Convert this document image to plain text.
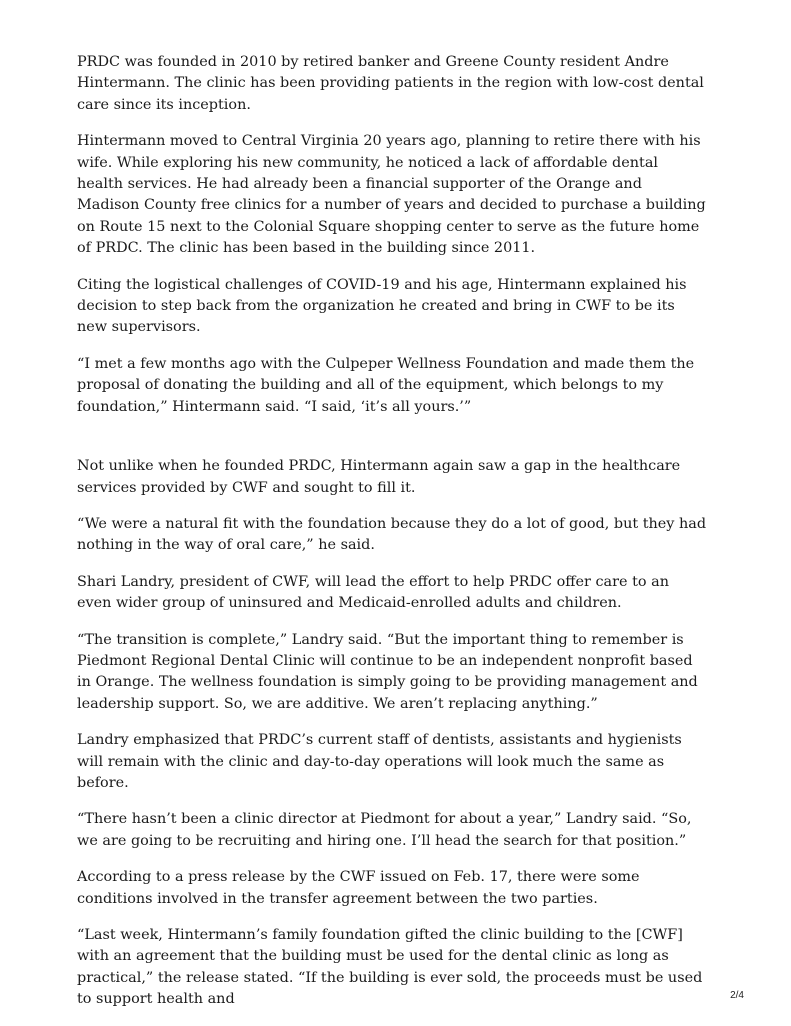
PRDC was founded in 2010 by retired banker and Greene County resident Andre Hintermann. The clinic has been providing patients in the region with low-cost dental care since its inception.

Hintermann moved to Central Virginia 20 years ago, planning to retire there with his wife. While exploring his new community, he noticed a lack of affordable dental health services. He had already been a financial supporter of the Orange and Madison County free clinics for a number of years and decided to purchase a building on Route 15 next to the Colonial Square shopping center to serve as the future home of PRDC. The clinic has been based in the building since 2011.

Citing the logistical challenges of COVID-19 and his age, Hintermann explained his decision to step back from the organization he created and bring in CWF to be its new supervisors.

“I met a few months ago with the Culpeper Wellness Foundation and made them the proposal of donating the building and all of the equipment, which belongs to my foundation,” Hintermann said. “I said, ‘it’s all yours.’”

Not unlike when he founded PRDC, Hintermann again saw a gap in the healthcare services provided by CWF and sought to fill it.

“We were a natural fit with the foundation because they do a lot of good, but they had nothing in the way of oral care,” he said.

Shari Landry, president of CWF, will lead the effort to help PRDC offer care to an even wider group of uninsured and Medicaid-enrolled adults and children.

“The transition is complete,” Landry said. “But the important thing to remember is Piedmont Regional Dental Clinic will continue to be an independent nonprofit based in Orange. The wellness foundation is simply going to be providing management and leadership support. So, we are additive. We aren’t replacing anything.”

Landry emphasized that PRDC’s current staff of dentists, assistants and hygienists will remain with the clinic and day-to-day operations will look much the same as before.

“There hasn’t been a clinic director at Piedmont for about a year,” Landry said. “So, we are going to be recruiting and hiring one. I’ll head the search for that position.”

According to a press release by the CWF issued on Feb. 17, there were some conditions involved in the transfer agreement between the two parties.

“Last week, Hintermann’s family foundation gifted the clinic building to the [CWF] with an agreement that the building must be used for the dental clinic as long as practical,” the release stated. “If the building is ever sold, the proceeds must be used to support health and	2/4
